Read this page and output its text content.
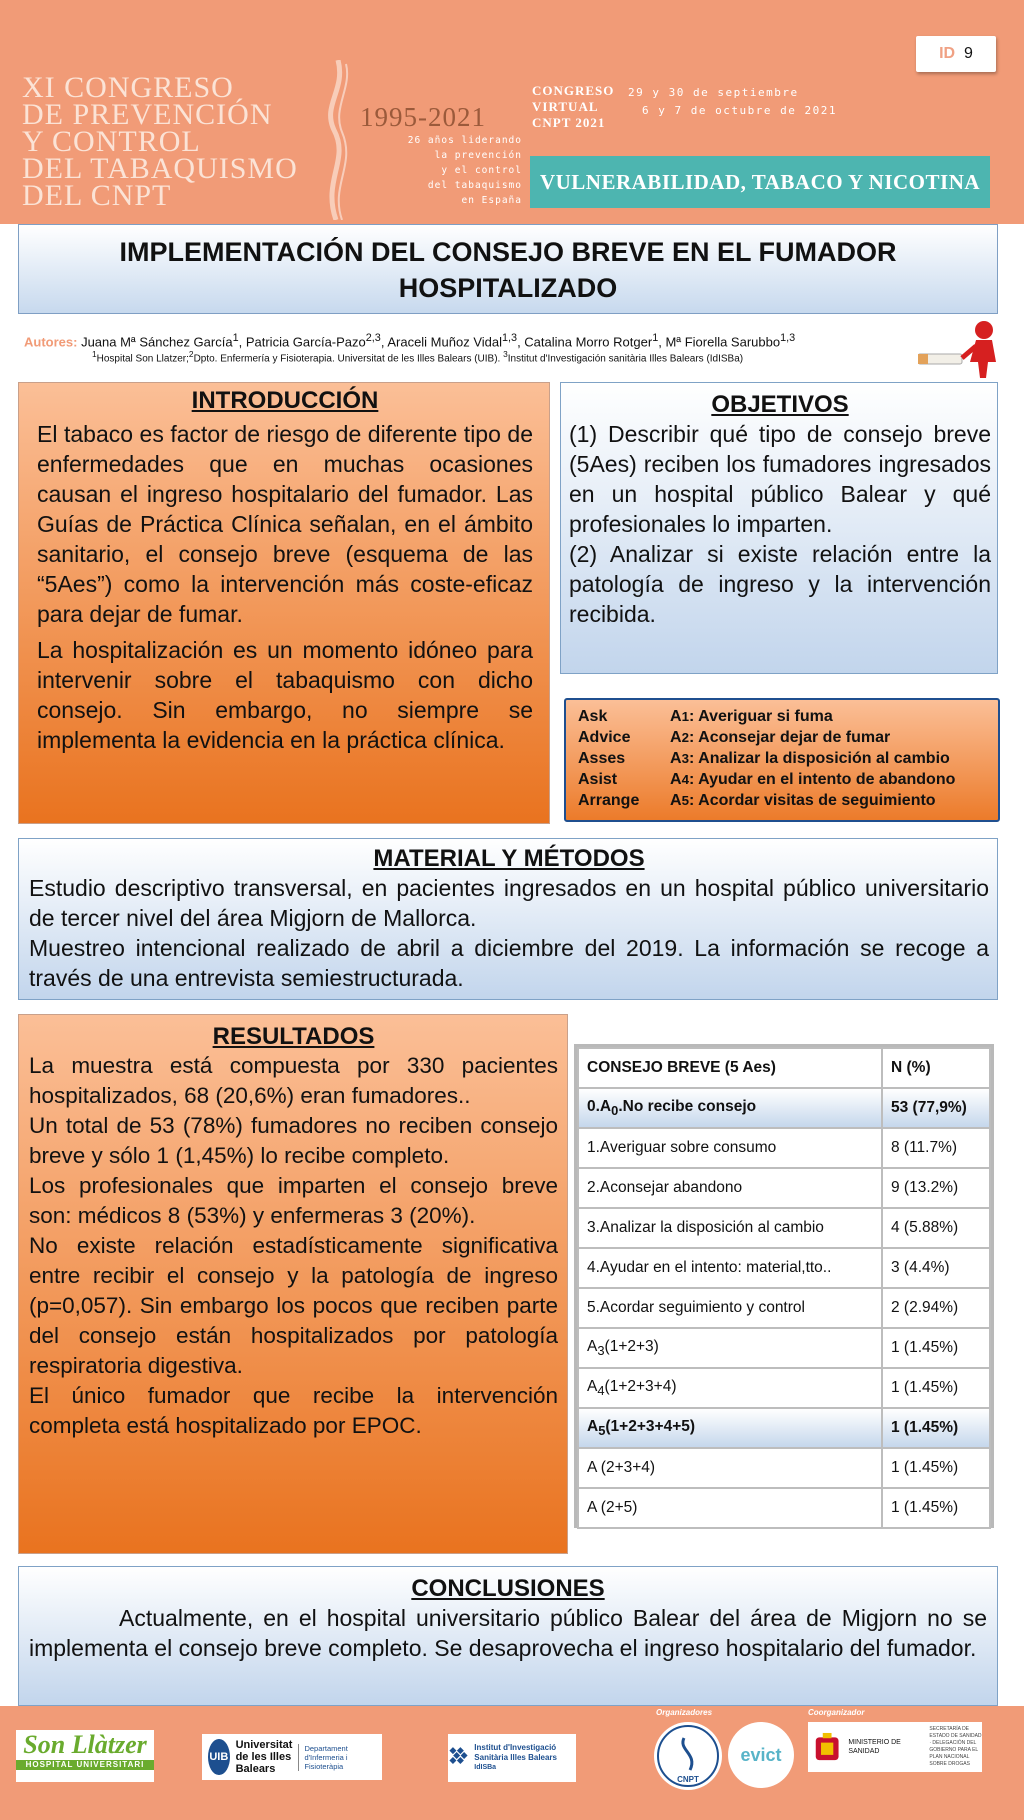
XI CONGRESO
DE PREVENCIÓN
Y CONTROL
DEL TABAQUISMO
DEL CNPT
1995-2021
26 años liderando
la prevención
y el control
del tabaquismo
en España
CONGRESO
VIRTUAL
CNPT 2021
29 y 30 de septiembre
6 y 7 de octubre de 2021
VULNERABILIDAD, TABACO Y NICOTINA
ID 9
IMPLEMENTACIÓN DEL CONSEJO BREVE EN EL FUMADOR
HOSPITALIZADO
Autores: Juana Mª Sánchez García$^1$, Patricia García-Pazo$^{2,3}$, Araceli Muñoz Vidal$^{1,3}$, Catalina Morro Rotger$^1$, Mª Fiorella Sarubbo$^{1,3}$
$^1$Hospital Son Llatzer;$^2$Dpto. Enfermería y Fisioterapia. Universitat de les Illes Balears (UIB). $^3$Institut d'Investigación sanitària Illes Balears (IdISBa)
INTRODUCCIÓN

El tabaco es factor de riesgo de diferente tipo de enfermedades que en muchas ocasiones causan el ingreso hospitalario del fumador. Las Guías de Práctica Clínica señalan, en el ámbito sanitario, el consejo breve (esquema de las “5Aes”) como la intervención más coste-eficaz para dejar de fumar.

La hospitalización es un momento idóneo para intervenir sobre el tabaquismo con dicho consejo. Sin embargo, no siempre se implementa la evidencia en la práctica clínica.

OBJETIVOS

(1) Describir qué tipo de consejo breve (5Aes) reciben los fumadores ingresados en un hospital público Balear y qué profesionales lo imparten.

(2) Analizar si existe relación entre la patología de ingreso y la intervención recibida.

Ask	A 1 : Averiguar si fuma
Advice	A 2 : Aconsejar dejar de fumar
Asses	A 3 : Analizar la disposición al cambio
Asist	A 4 : Ayudar en el intento de abandono
Arrange	A 5 : Acordar visitas de seguimiento
MATERIAL Y MÉTODOS

Estudio descriptivo transversal, en pacientes ingresados en un hospital público universitario de tercer nivel del área Migjorn de Mallorca.

Muestreo intencional realizado de abril a diciembre del 2019. La información se recoge a través de una entrevista semiestructurada.

RESULTADOS

La muestra está compuesta por 330 pacientes hospitalizados, 68 (20,6%) eran fumadores..

Un total de 53 (78%) fumadores no reciben consejo breve y sólo 1 (1,45%) lo recibe completo.

Los profesionales que imparten el consejo breve son: médicos 8 (53%) y enfermeras 3 (20%).

No existe relación estadísticamente significativa entre recibir el consejo y la patología de ingreso (p=0,057). Sin embargo los pocos que reciben parte del consejo están hospitalizados por patología respiratoria digestiva.

El único fumador que recibe la intervención completa está hospitalizado por EPOC.

CONSEJO BREVE (5 Aes)	N (%)
$0.A_0.No$ recibe consejo	53 (77,9%)
1.Averiguar sobre consumo	8 (11.7%)
2.Aconsejar abandono	9 (13.2%)
3.Analizar la disposición al cambio	4 (5.88%)
4.Ayudar en el intento: material,tto..	3 (4.4%)
5.Acordar seguimiento y control	2 (2.94%)
$A_3(1+2+3)$	1 (1.45%)
$A_4(1+2+3+4)$	1 (1.45%)
$A_5(1+2+3+4+5)$	1 (1.45%)
A (2+3+4)	1 (1.45%)
A (2+5)	1 (1.45%)
CONCLUSIONES

Actualmente, en el hospital universitario público Balear del área de Migjorn no se implementa el consejo breve completo. Se desaprovecha el ingreso hospitalario del fumador.

Son Llàtzer
HOSPITAL UNIVERSITARI
UIB
Universitat de les Illes Balears
Departament d'Infermeria i Fisioteràpia
Institut d'Investigació Sanitària Illes Balears
IdISBa
Organizadores	Coorganizador
CNPT
evict
MINISTERIO DE SANIDAD
SECRETARÍA DE ESTADO DE SANIDAD · DELEGACIÓN DEL GOBIERNO PARA EL PLAN NACIONAL SOBRE DROGAS
